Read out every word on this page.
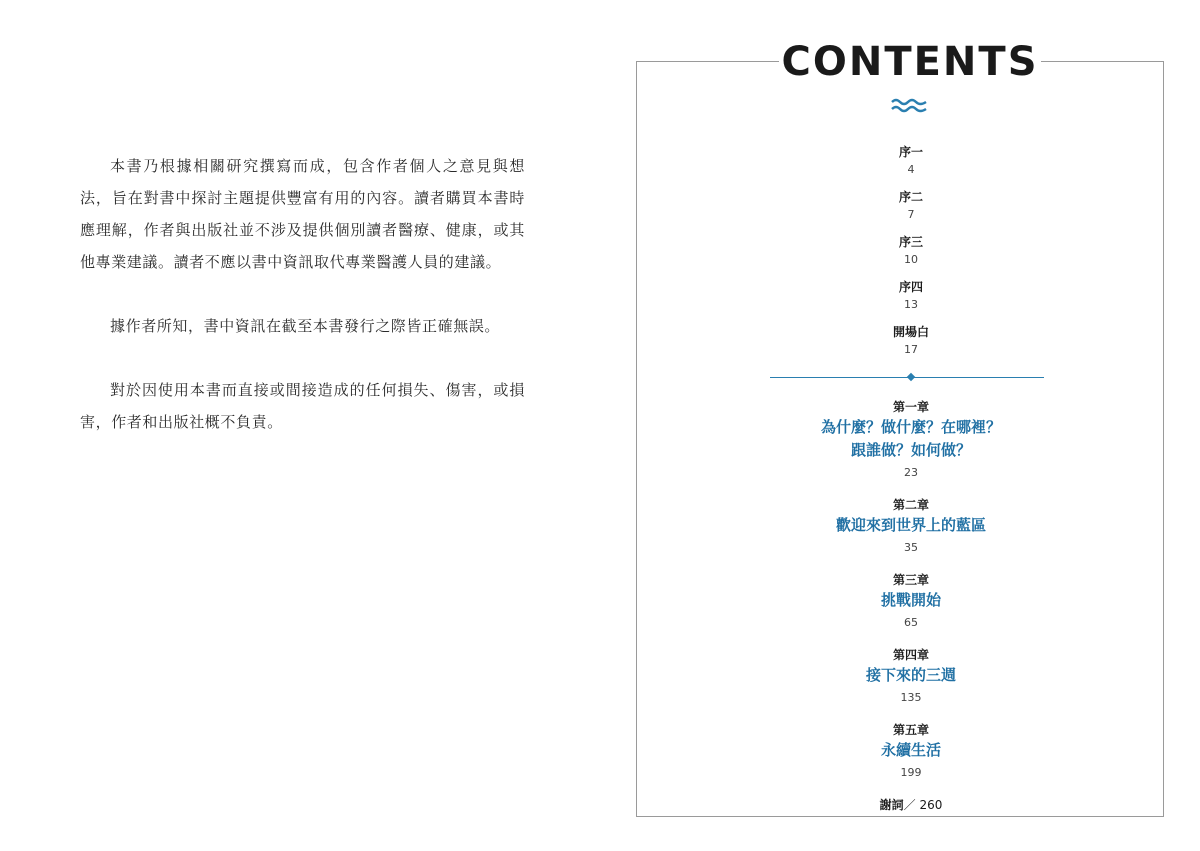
本書乃根據相關研究撰寫而成，包含作者個人之意見與想法，旨在對書中探討主題提供豐富有用的內容。讀者購買本書時應理解，作者與出版社並不涉及提供個別讀者醫療、健康，或其他專業建議。讀者不應以書中資訊取代專業醫護人員的建議。

據作者所知，書中資訊在截至本書發行之際皆正確無誤。

對於因使用本書而直接或間接造成的任何損失、傷害，或損害，作者和出版社概不負責。

CONTENTS
序一
4
序二
7
序三
10
序四
13
開場白
17
第一章
為什麼？做什麼？在哪裡？
跟誰做？如何做？
23
第二章
歡迎來到世界上的藍區
35
第三章
挑戰開始
65
第四章
接下來的三週
135
第五章
永續生活
199
謝詞／ 260
